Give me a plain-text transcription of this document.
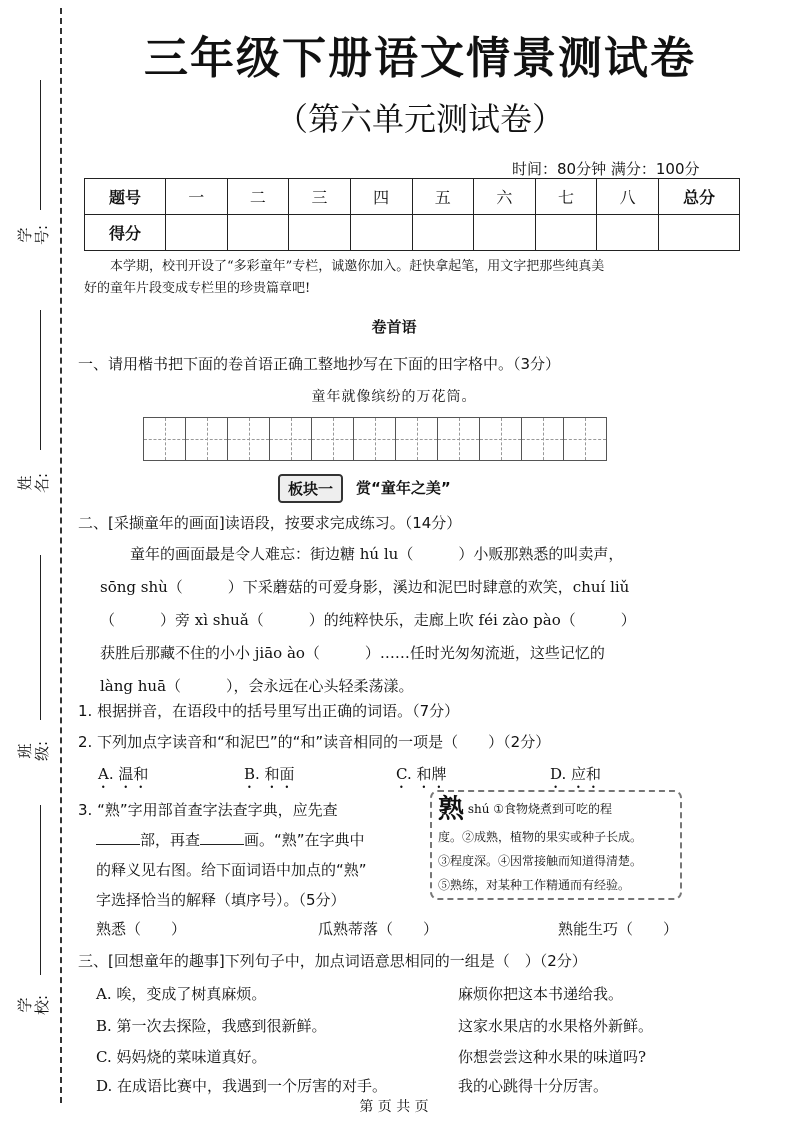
学号:
姓名:
班级:
学校:
三年级下册语文情景测试卷
（第六单元测试卷）
时间：80分钟 满分：100分
题号	一	二	三	四	五	六	七	八	总分
得分									
本学期，校刊开设了“多彩童年”专栏，诚邀你加入。赶快拿起笔，用文字把那些纯真美
好的童年片段变成专栏里的珍贵篇章吧!
卷首语
一、请用楷书把下面的卷首语正确工整地抄写在下面的田字格中。（3分）
童年就像缤纷的万花筒。
板块一	赏“童年之美”
二、[采撷童年的画面]读语段，按要求完成练习。（14分）
童年的画面最是令人难忘：街边糖 hú lu（　　　）小贩那熟悉的叫卖声，
sōng shù（　　　）下采蘑菇的可爱身影，溪边和泥巴时肆意的欢笑，chuí liǔ
（　　　）旁 xì shuǎ（　　　）的纯粹快乐，走廊上吹 féi zào pào（　　　）
获胜后那藏不住的小小 jiāo ào（　　　）……任时光匆匆流逝，这些记忆的
làng huā（　　　），会永远在心头轻柔荡漾。
1. 根据拼音，在语段中的括号里写出正确的词语。（7分）
2. 下列加点字读音和“和泥巴”的“和”读音相同的一项是（　　）（2分）
A. 温和	B. 和面	C. 和牌	D. 应和
3. “熟”字用部首查字法查字典，应先查
部，再查	画。“熟”在字典中
的释义见右图。给下面词语中加点的“熟”
字选择恰当的解释（填序号）。（5分）
熟 shú ①食物烧煮到可吃的程
度。②成熟，植物的果实或种子长成。
③程度深。④因常接触而知道得清楚。
⑤熟练，对某种工作精通而有经验。
熟悉（　　）	瓜熟蒂落（　　）	熟能生巧（　　）
三、[回想童年的趣事]下列句子中，加点词语意思相同的一组是（　）（2分）
A. 唉，变成了树真麻烦。	麻烦你把这本书递给我。
B. 第一次去探险，我感到很新鲜。	这家水果店的水果格外新鲜。
C. 妈妈烧的菜味道真好。	你想尝尝这种水果的味道吗?
D. 在成语比赛中，我遇到一个厉害的对手。	我的心跳得十分厉害。
第 页 共 页
